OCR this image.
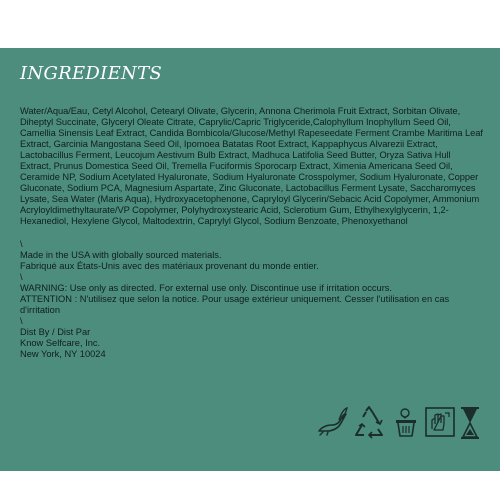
INGREDIENTS

Water/Aqua/Eau, Cetyl Alcohol, Cetearyl Olivate, Glycerin, Annona Cherimola Fruit Extract, Sorbitan Olivate, Diheptyl Succinate, Glyceryl Oleate Citrate, Caprylic/Capric Triglyceride,Calophyllum Inophyllum Seed Oil, Camellia Sinensis Leaf Extract, Candida Bombicola/Glucose/Methyl Rapeseedate Ferment Crambe Maritima Leaf Extract, Garcinia Mangostana Seed Oil, Ipomoea Batatas Root Extract, Kappaphycus Alvarezii Extract, Lactobacillus Ferment, Leucojum Aestivum Bulb Extract, Madhuca Latifolia Seed Butter, Oryza Sativa Hull Extract, Prunus Domestica Seed Oil, Tremella Fuciformis Sporocarp Extract, Ximenia Americana Seed Oil, Ceramide NP, Sodium Acetylated Hyaluronate, Sodium Hyaluronate Crosspolymer, Sodium Hyaluronate, Copper Gluconate, Sodium PCA, Magnesium Aspartate, Zinc Gluconate, Lactobacillus Ferment Lysate, Saccharomyces Lysate, Sea Water (Maris Aqua), Hydroxyacetophenone, Capryloyl Glycerin/Sebacic Acid Copolymer, Ammonium Acryloyldimethyltaurate/VP Copolymer, Polyhydroxystearic Acid, Sclerotium Gum, Ethylhexylglycerin, 1,2-Hexanediol, Hexylene Glycol, Maltodextrin, Caprylyl Glycol, Sodium Benzoate, Phenoxyethanol

\

Made in the USA with globally sourced materials.

Fabriqué aux États-Unis avec des matériaux provenant du monde entier.

\

WARNING: Use only as directed. For external use only. Discontinue use if irritation occurs.

ATTENTION : N'utilisez que selon la notice. Pour usage extérieur uniquement. Cesser l'utilisation en cas d'irritation

\

Dist By / Dist Par

Know Selfcare, Inc.

New York, NY 10024
